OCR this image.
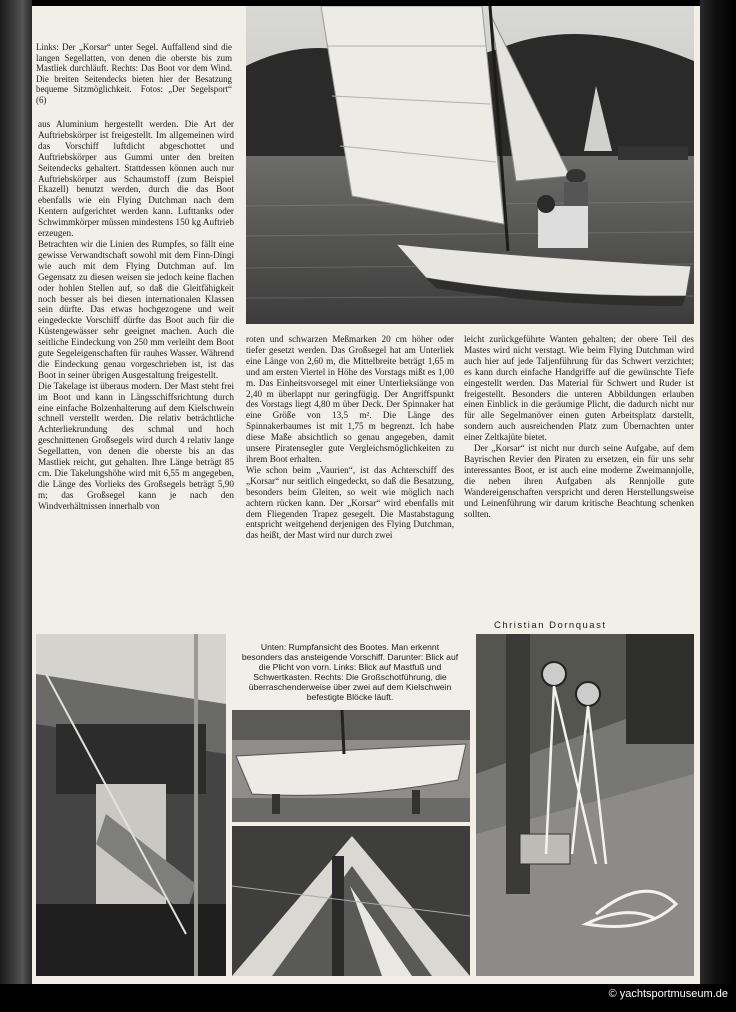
Links: Der „Korsar“ unter Segel. Auffallend sind die langen Segellatten, von denen die oberste bis zum Mastliek durchläuft. Rechts: Das Boot vor dem Wind. Die breiten Seitendecks bieten hier der Besatzung bequeme Sitzmöglichkeit. Fotos: „Der Segelsport“ (6)

aus Aluminium hergestellt werden. Die Art der Auftriebskörper ist freigestellt. Im allgemeinen wird das Vorschiff luftdicht abgeschottet und Auftriebskörper aus Gummi unter den breiten Seitendecks gehaltert. Stattdessen können auch nur Auftriebskörper aus Schaumstoff (zum Beispiel Ekazell) benutzt werden, durch die das Boot ebenfalls wie ein Flying Dutchman nach dem Kentern aufgerichtet werden kann. Lufttanks oder Schwimmkörper müssen mindestens 150 kg Auftrieb erzeugen.

Betrachten wir die Linien des Rumpfes, so fällt eine gewisse Verwandtschaft sowohl mit dem Finn-Dingi wie auch mit dem Flying Dutchman auf. Im Gegensatz zu diesen weisen sie jedoch keine flachen oder hohlen Stellen auf, so daß die Gleitfähigkeit noch besser als bei diesen internationalen Klassen sein dürfte. Das etwas hochgezogene und weit eingedeckte Vorschiff dürfte das Boot auch für die Küstengewässer sehr geeignet machen. Auch die seitliche Eindeckung von 250 mm verleiht dem Boot gute Segeleigenschaften für rauhes Wasser. Während die Eindeckung genau vorgeschrieben ist, ist das Boot in seiner übrigen Ausgestaltung freigestellt.

Die Takelage ist überaus modern. Der Mast steht frei im Boot und kann in Längsschiffsrichtung durch eine einfache Bolzenhalterung auf dem Kielschwein schnell verstellt werden. Die relativ beträchtliche Achterliekrundung des schmal und hoch geschnittenen Großsegels wird durch 4 relativ lange Segellatten, von denen die oberste bis an das Mastliek reicht, gut gehalten. Ihre Länge beträgt 85 cm. Die Takelungshöhe wird mit 6,55 m angegeben, die Länge des Vorlieks des Großsegels beträgt 5,90 m; das Großsegel kann je nach den Windverhältnissen innerhalb von

roten und schwarzen Meßmarken 20 cm höher oder tiefer gesetzt werden. Das Großsegel hat am Unterliek eine Länge von 2,60 m, die Mittelbreite beträgt 1,65 m und am ersten Viertel in Höhe des Vorstags mißt es 1,00 m. Das Einheitsvorsegel mit einer Unterlieksiänge von 2,40 m überlappt nur geringfügig. Der Angriffspunkt des Vorstags liegt 4,80 m über Deck. Der Spinnaker hat eine Größe von 13,5 m². Die Länge des Spinnakerbaumes ist mit 1,75 m begrenzt. Ich habe diese Maße absichtlich so genau angegeben, damit unsere Piratensegler gute Vergleichsmöglichkeiten zu ihrem Boot erhalten.

Wie schon beim „Vaurien“, ist das Achterschiff des „Korsar“ nur seitlich eingedeckt, so daß die Besatzung, besonders beim Gleiten, so weit wie möglich nach achtern rücken kann. Der „Korsar“ wird ebenfalls mit dem Fliegenden Trapez gesegelt. Die Mastabstagung entspricht weitgehend derjenigen des Flying Dutchman, das heißt, der Mast wird nur durch zwei

leicht zurückgeführte Wanten gehalten; der obere Teil des Mastes wird nicht verstagt. Wie beim Flying Dutchman wird auch hier auf jede Taljenführung für das Schwert verzichtet; es kann durch einfache Handgriffe auf die gewünschte Tiefe eingestellt werden. Das Material für Schwert und Ruder ist freigestellt. Besonders die unteren Abbildungen erlauben einen Einblick in die geräumige Plicht, die dadurch nicht nur für alle Segelmanöver einen guten Arbeitsplatz darstellt, sondern auch ausreichenden Platz zum Übernachten unter einer Zeltkajüte bietet.

Der „Korsar“ ist nicht nur durch seine Aufgabe, auf dem Bayrischen Revier den Piraten zu ersetzen, ein für uns sehr interessantes Boot, er ist auch eine moderne Zweimannjolle, die neben ihren Aufgaben als Rennjolle gute Wandereigenschaften verspricht und deren Herstellungsweise und Leinenführung wir darum kritische Beachtung schenken sollten.

Christian Dornquast
Unten: Rumpfansicht des Bootes. Man erkennt besonders das ansteigende Vorschiff. Darunter: Blick auf die Plicht von vorn. Links: Blick auf Mastfuß und Schwertkasten. Rechts: Die Großschotführung, die überraschenderweise über zwei auf dem Kielschwein befestigte Blöcke läuft.
© yachtsportmuseum.de
